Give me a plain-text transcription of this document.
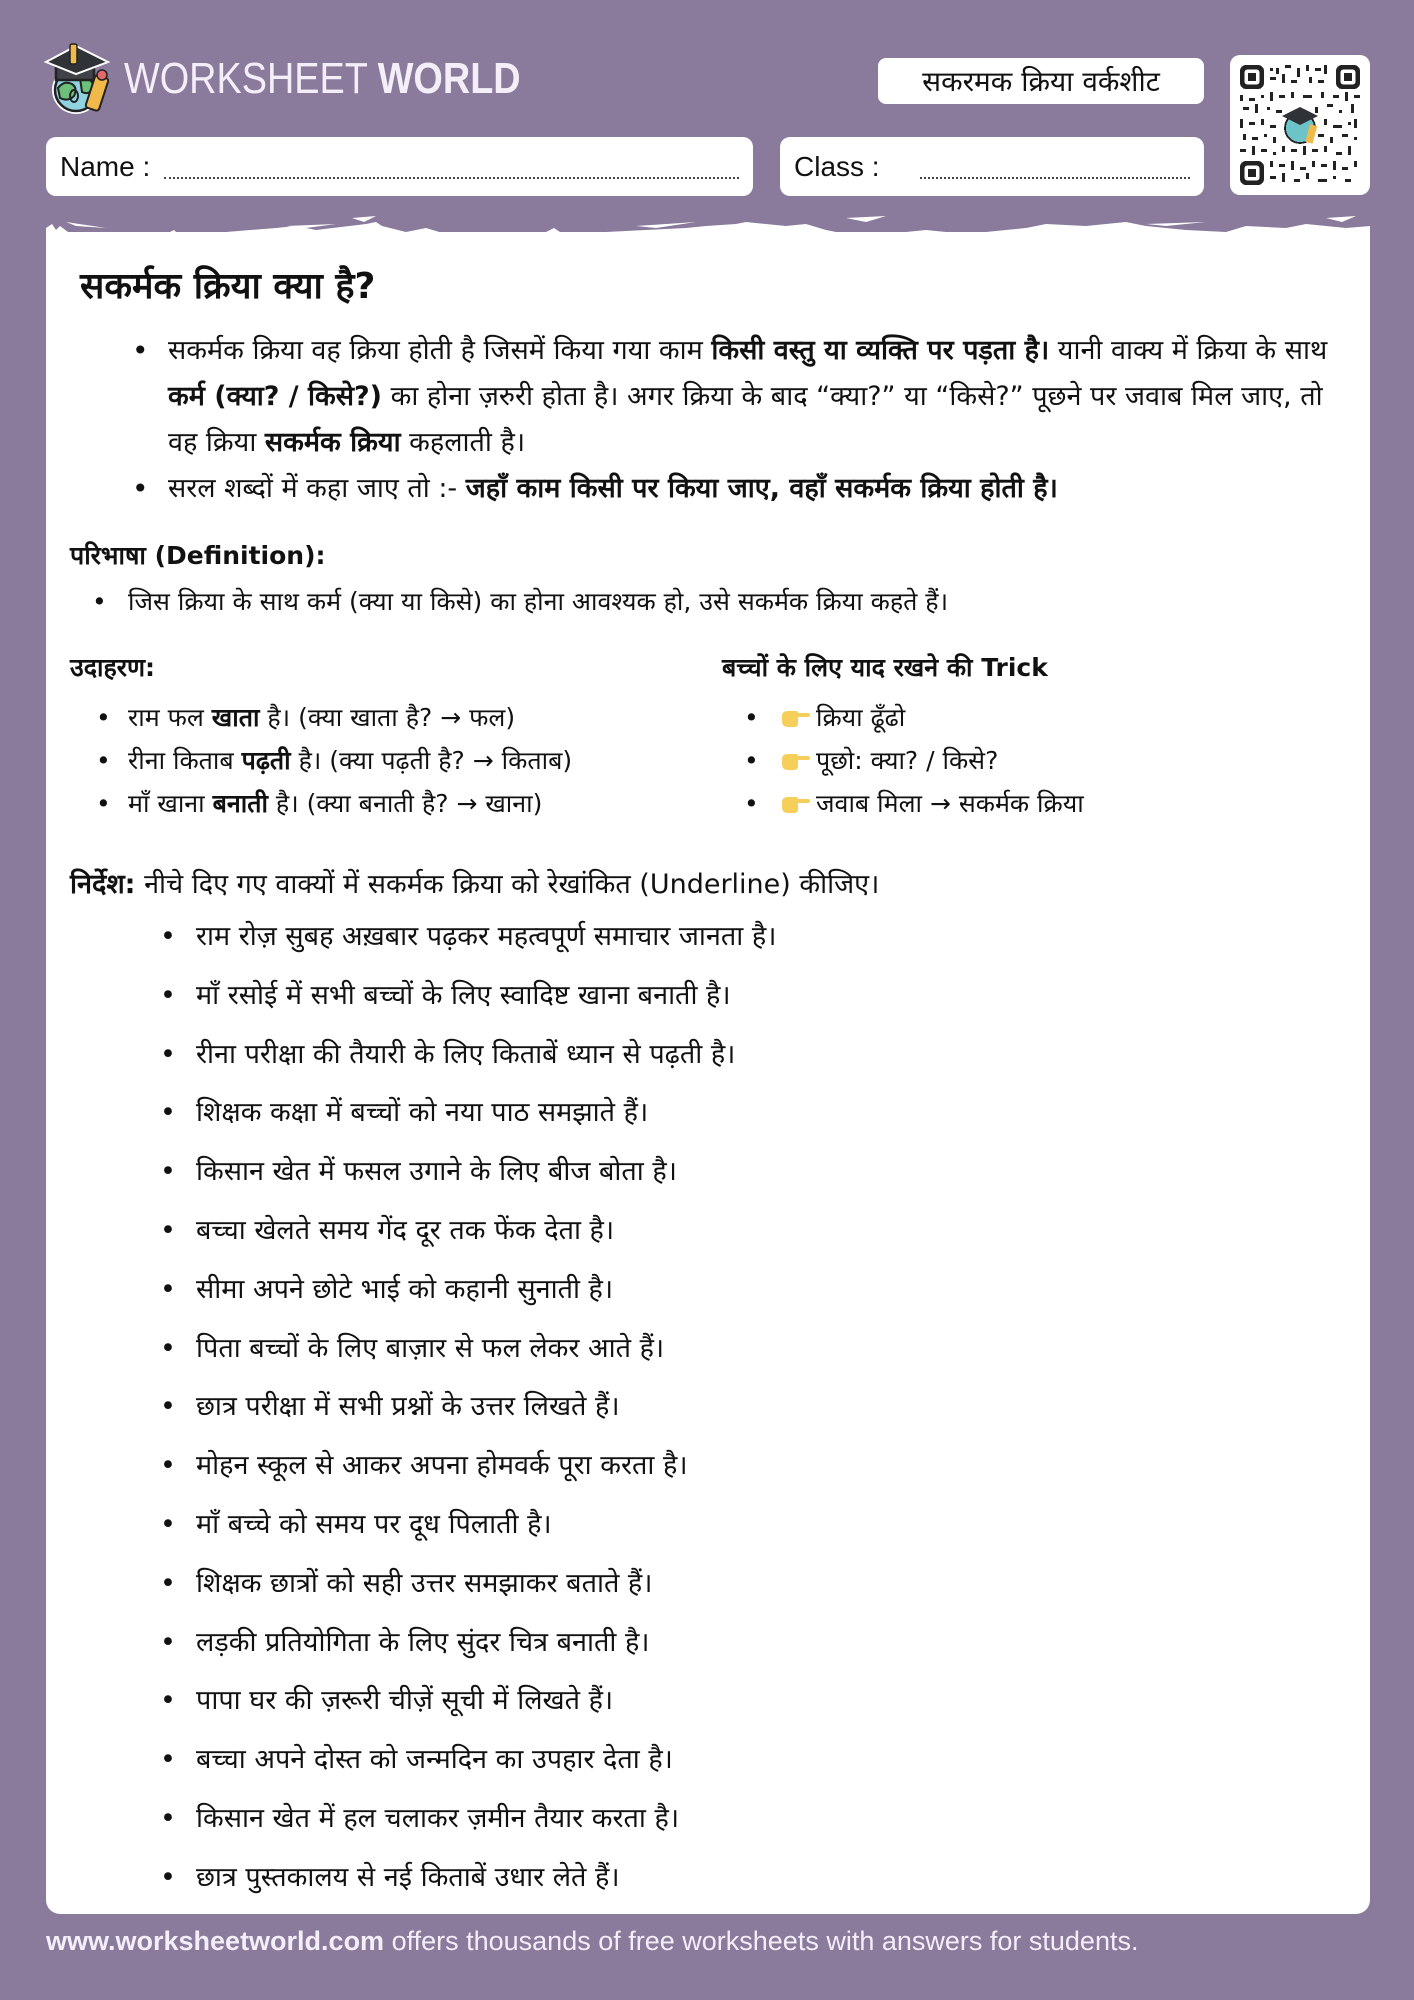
WORKSHEET WORLD	सकरमक क्रिया वर्कशीट
Name :	Class :
सकर्मक क्रिया क्या है?
• सकर्मक क्रिया वह क्रिया होती है जिसमें किया गया काम किसी वस्तु या व्यक्ति पर पड़ता है। यानी वाक्य में क्रिया के साथ कर्म (क्या? / किसे?) का होना ज़रुरी होता है। अगर क्रिया के बाद “क्या?” या “किसे?” पूछने पर जवाब मिल जाए, तो वह क्रिया सकर्मक क्रिया कहलाती है।
• सरल शब्दों में कहा जाए तो :- जहाँ काम किसी पर किया जाए, वहाँ सकर्मक क्रिया होती है।
परिभाषा (Definition):
• जिस क्रिया के साथ कर्म (क्या या किसे) का होना आवश्यक हो, उसे सकर्मक क्रिया कहते हैं।
उदाहरण:
• राम फल खाता है। (क्या खाता है? → फल)
• रीना किताब पढ़ती है। (क्या पढ़ती है? → किताब)
• माँ खाना बनाती है। (क्या बनाती है? → खाना)
बच्चों के लिए याद रखने की Trick
• क्रिया ढूँढो
• पूछो: क्या? / किसे?
• जवाब मिला → सकर्मक क्रिया
निर्देश: नीचे दिए गए वाक्यों में सकर्मक क्रिया को रेखांकित (Underline) कीजिए।
• राम रोज़ सुबह अख़बार पढ़कर महत्वपूर्ण समाचार जानता है।
• माँ रसोई में सभी बच्चों के लिए स्वादिष्ट खाना बनाती है।
• रीना परीक्षा की तैयारी के लिए किताबें ध्यान से पढ़ती है।
• शिक्षक कक्षा में बच्चों को नया पाठ समझाते हैं।
• किसान खेत में फसल उगाने के लिए बीज बोता है।
• बच्चा खेलते समय गेंद दूर तक फेंक देता है।
• सीमा अपने छोटे भाई को कहानी सुनाती है।
• पिता बच्चों के लिए बाज़ार से फल लेकर आते हैं।
• छात्र परीक्षा में सभी प्रश्नों के उत्तर लिखते हैं।
• मोहन स्कूल से आकर अपना होमवर्क पूरा करता है।
• माँ बच्चे को समय पर दूध पिलाती है।
• शिक्षक छात्रों को सही उत्तर समझाकर बताते हैं।
• लड़की प्रतियोगिता के लिए सुंदर चित्र बनाती है।
• पापा घर की ज़रूरी चीज़ें सूची में लिखते हैं।
• बच्चा अपने दोस्त को जन्मदिन का उपहार देता है।
• किसान खेत में हल चलाकर ज़मीन तैयार करता है।
• छात्र पुस्तकालय से नई किताबें उधार लेते हैं।
www.worksheetworld.com offers thousands of free worksheets with answers for students.
